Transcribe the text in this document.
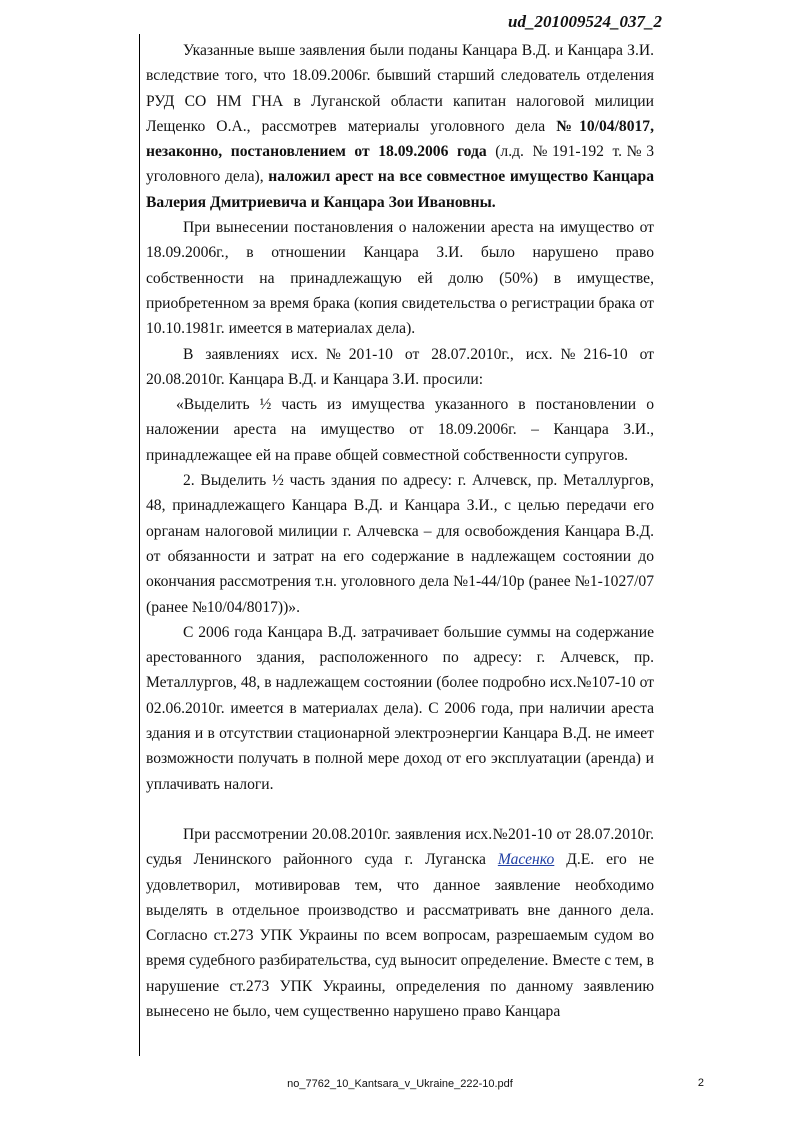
ud_201009524_037_2

Указанные выше заявления были поданы Канцара В.Д. и Канцара З.И. вследствие того, что 18.09.2006г. бывший старший следователь отделения РУД СО НМ ГНА в Луганской области капитан налоговой милиции Лещенко О.А., рассмотрев материалы уголовного дела №10/04/8017, незаконно, постановлением от 18.09.2006 года (л.д. №191-192 т.№3 уголовного дела), наложил арест на все совместное имущество Канцара Валерия Дмитриевича и Канцара Зои Ивановны.

При вынесении постановления о наложении ареста на имущество от 18.09.2006г., в отношении Канцара З.И. было нарушено право собственности на принадлежащую ей долю (50%) в имуществе, приобретенном за время брака (копия свидетельства о регистрации брака от 10.10.1981г. имеется в материалах дела).

В заявлениях исх.№201-10 от 28.07.2010г., исх.№216-10 от 20.08.2010г. Канцара В.Д. и Канцара З.И. просили:

«Выделить ½ часть из имущества указанного в постановлении о наложении ареста на имущество от 18.09.2006г. – Канцара З.И., принадлежащее ей на праве общей совместной собственности супругов.

2. Выделить ½ часть здания по адресу: г. Алчевск, пр. Металлургов, 48, принадлежащего Канцара В.Д. и Канцара З.И., с целью передачи его органам налоговой милиции г. Алчевска – для освобождения Канцара В.Д. от обязанности и затрат на его содержание в надлежащем состоянии до окончания рассмотрения т.н. уголовного дела №1-44/10р (ранее №1-1027/07 (ранее №10/04/8017))».

С 2006 года Канцара В.Д. затрачивает большие суммы на содержание арестованного здания, расположенного по адресу: г. Алчевск, пр. Металлургов, 48, в надлежащем состоянии (более подробно исх.№107-10 от 02.06.2010г. имеется в материалах дела). С 2006 года, при наличии ареста здания и в отсутствии стационарной электроэнергии Канцара В.Д. не имеет возможности получать в полной мере доход от его эксплуатации (аренда) и уплачивать налоги.

При рассмотрении 20.08.2010г. заявления исх.№201-10 от 28.07.2010г. судья Ленинского районного суда г. Луганска Масенко Д.Е. его не удовлетворил, мотивировав тем, что данное заявление необходимо выделять в отдельное производство и рассматривать вне данного дела. Согласно ст.273 УПК Украины по всем вопросам, разрешаемым судом во время судебного разбирательства, суд выносит определение. Вместе с тем, в нарушение ст.273 УПК Украины, определения по данному заявлению вынесено не было, чем существенно нарушено право Канцара

no_7762_10_Kantsara_v_Ukraine_222-10.pdf	2
